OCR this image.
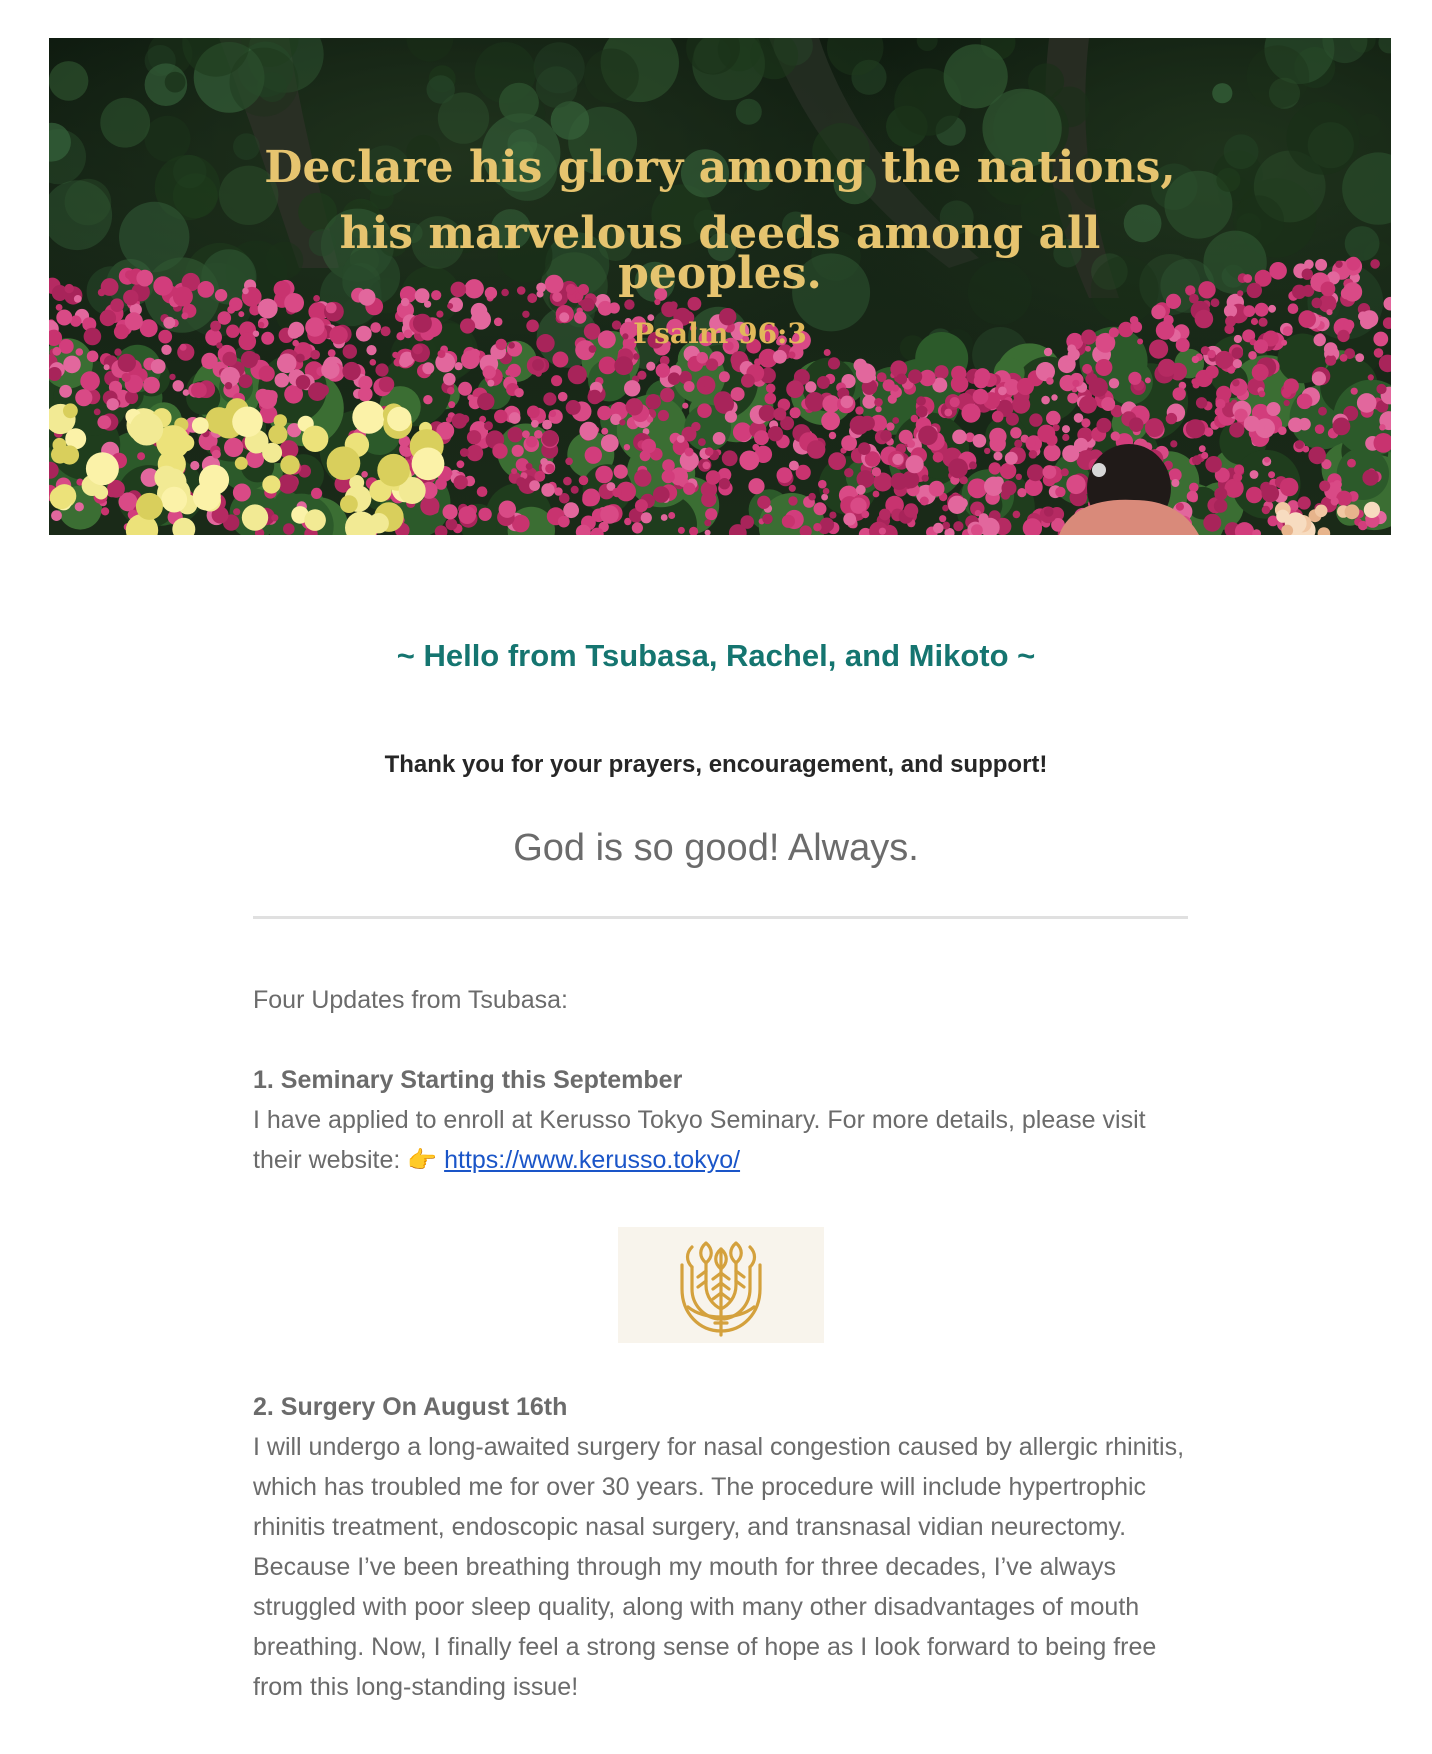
Declare his glory among the nations,
his marvelous deeds among all
peoples.
Psalm 96:3
~ Hello from Tsubasa, Rachel, and Mikoto ~
Thank you for your prayers, encouragement, and support!
God is so good! Always.
Four Updates from Tsubasa:
1. Seminary Starting this September
I have applied to enroll at Kerusso Tokyo Seminary. For more details, please visit their website: 👉 https://www.kerusso.tokyo/
2. Surgery On August 16th
I will undergo a long-awaited surgery for nasal congestion caused by allergic rhinitis, which has troubled me for over 30 years. The procedure will include hypertrophic rhinitis treatment, endoscopic nasal surgery, and transnasal vidian neurectomy. Because I’ve been breathing through my mouth for three decades, I’ve always struggled with poor sleep quality, along with many other disadvantages of mouth breathing. Now, I finally feel a strong sense of hope as I look forward to being free from this long-standing issue!
